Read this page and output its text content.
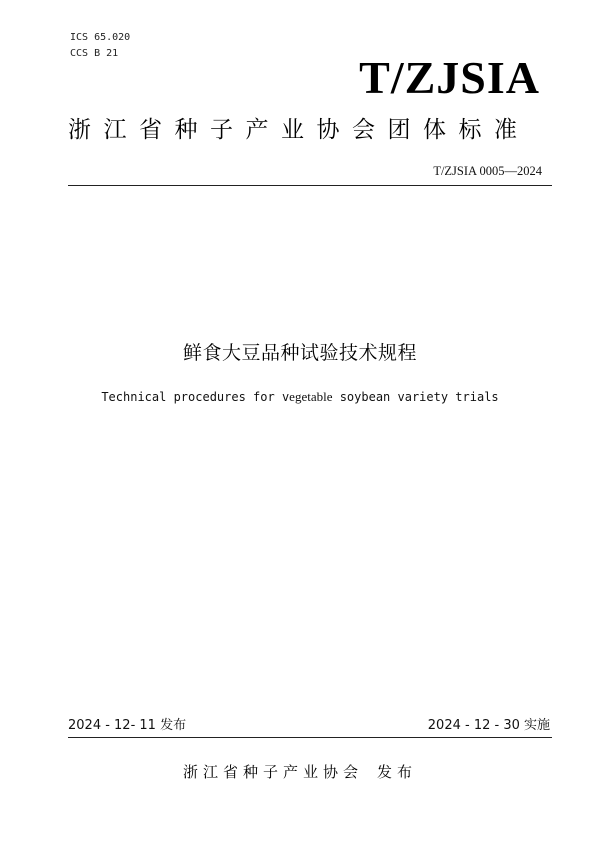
ICS 65.020
CCS B 21	T/ZJSIA
浙江省种子产业协会团体标准
T/ZJSIA 0005—2024
鲜食大豆品种试验技术规程
Technical procedures for vegetable soybean variety trials
2024 - 12- 11 发布	2024 - 12 - 30 实施
浙江省种子产业协会 发布
